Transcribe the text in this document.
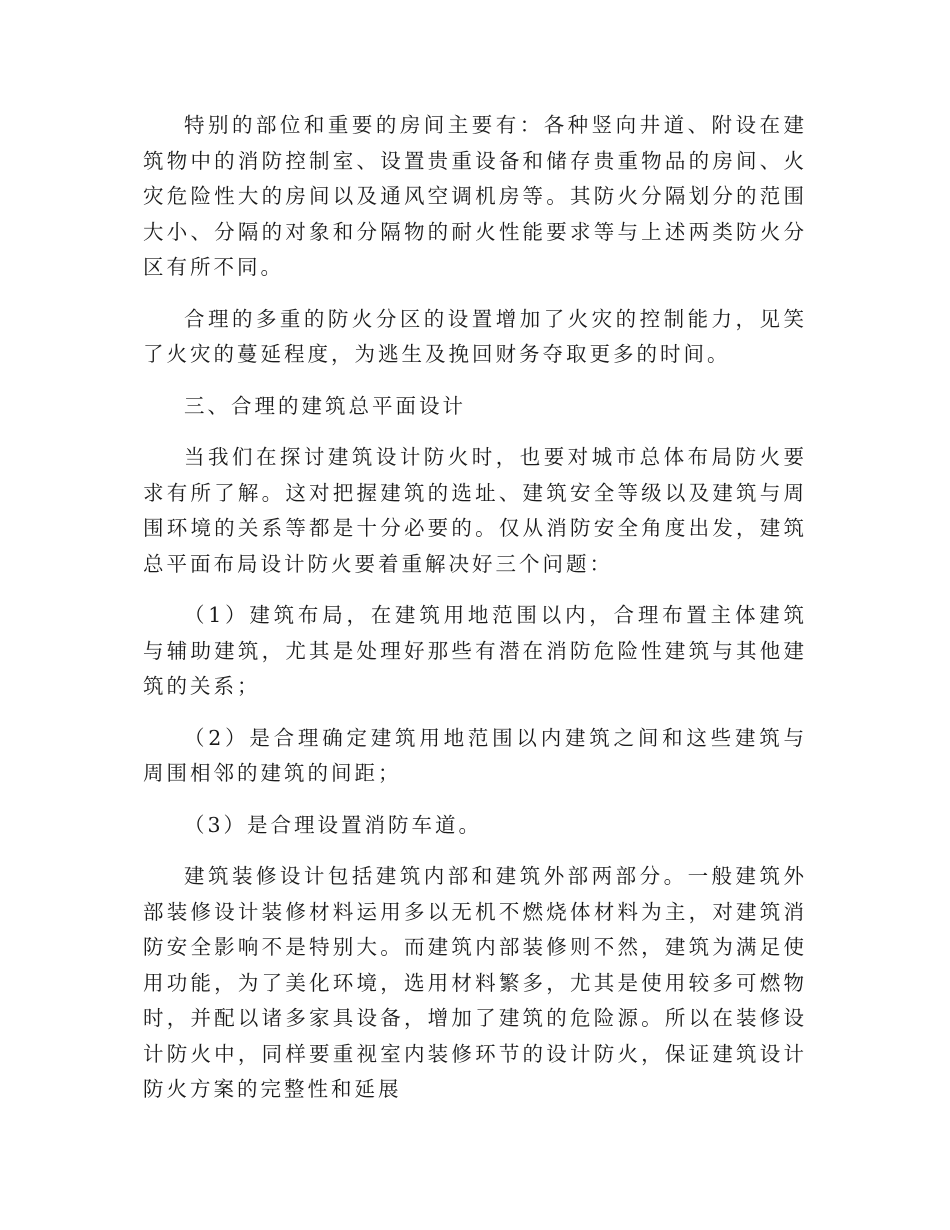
特别的部位和重要的房间主要有：各种竖向井道、附设在建筑物中的消防控制室、设置贵重设备和储存贵重物品的房间、火灾危险性大的房间以及通风空调机房等。其防火分隔划分的范围大小、分隔的对象和分隔物的耐火性能要求等与上述两类防火分区有所不同。

合理的多重的防火分区的设置增加了火灾的控制能力，见笑了火灾的蔓延程度，为逃生及挽回财务夺取更多的时间。

三、合理的建筑总平面设计

当我们在探讨建筑设计防火时，也要对城市总体布局防火要求有所了解。这对把握建筑的选址、建筑安全等级以及建筑与周围环境的关系等都是十分必要的。仅从消防安全角度出发，建筑总平面布局设计防火要着重解决好三个问题：

（1）建筑布局，在建筑用地范围以内，合理布置主体建筑与辅助建筑，尤其是处理好那些有潜在消防危险性建筑与其他建筑的关系；

（2）是合理确定建筑用地范围以内建筑之间和这些建筑与周围相邻的建筑的间距；

（3）是合理设置消防车道。

建筑装修设计包括建筑内部和建筑外部两部分。一般建筑外部装修设计装修材料运用多以无机不燃烧体材料为主，对建筑消防安全影响不是特别大。而建筑内部装修则不然，建筑为满足使用功能，为了美化环境，选用材料繁多，尤其是使用较多可燃物时，并配以诸多家具设备，增加了建筑的危险源。所以在装修设计防火中，同样要重视室内装修环节的设计防火，保证建筑设计防火方案的完整性和延展
